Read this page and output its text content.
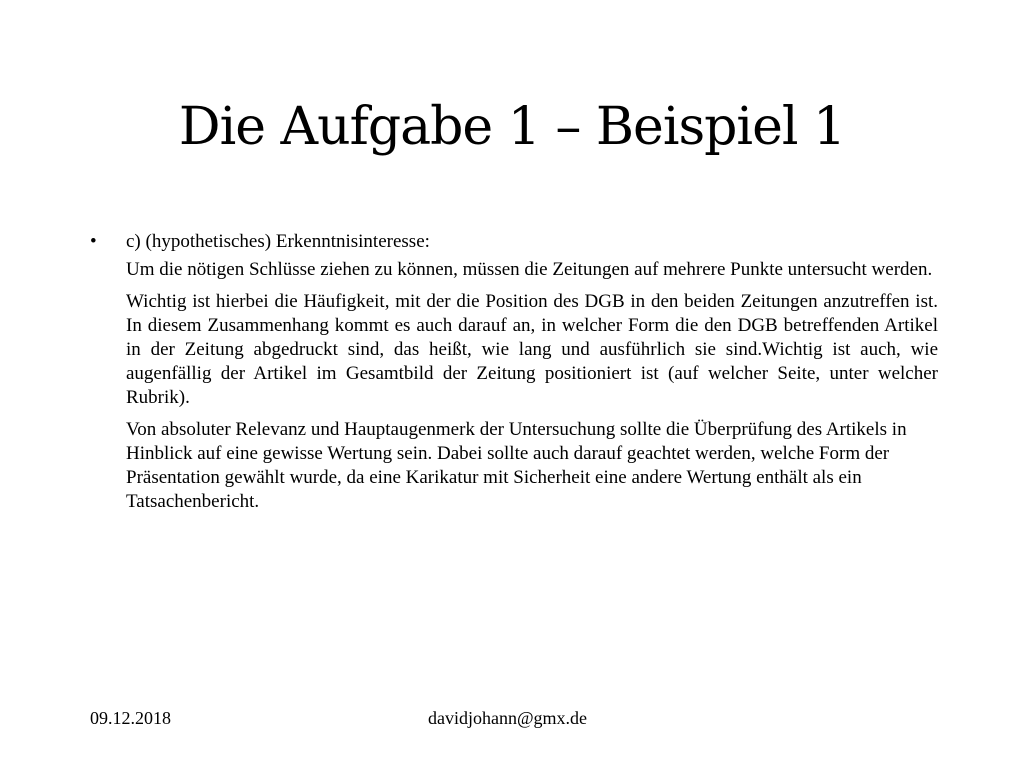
Die Aufgabe 1 – Beispiel 1
•	c) (hypothetisches) Erkenntnisinteresse:

Um die nötigen Schlüsse ziehen zu können, müssen die Zeitungen auf mehrere Punkte untersucht werden.

Wichtig ist hierbei die Häufigkeit, mit der die Position des DGB in den beiden Zeitungen anzutreffen ist. In diesem Zusammenhang kommt es auch darauf an, in welcher Form die den DGB betreffenden Artikel in der Zeitung abgedruckt sind, das heißt, wie lang und ausführlich sie sind.Wichtig ist auch, wie augenfällig der Artikel im Gesamtbild der Zeitung positioniert ist (auf welcher Seite, unter welcher Rubrik).

Von absoluter Relevanz und Hauptaugenmerk der Untersuchung sollte die Überprüfung des Artikels in Hinblick auf eine gewisse Wertung sein. Dabei sollte auch darauf geachtet werden, welche Form der Präsentation gewählt wurde, da eine Karikatur mit Sicherheit eine andere Wertung enthält als ein Tatsachenbericht.

09.12.2018	davidjohann@gmx.de
